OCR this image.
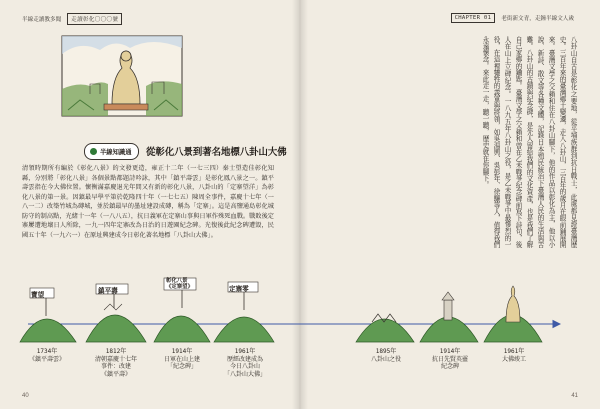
半線走讀教多聞	走讀彰化〇〇〇號
半線知識通 從彰化八景到著名地標八卦山大佛
清領時期所有編於《彰化八景》的文發更造，雍正十二年（一七三四）秦士望造佳彰化知縣，分別將「彰化八景」各個景點都題詩吟詠，其中「鎮平壽雲」是彰化鳳八景之一。鎮平壽雲指在今大佛位置。懷衡滿嘉慶退光年間又有新的彰化八景，八卦山的「定寨望洋」為彰化八景的第一景。因鎮最早學平第於乾隆四十年（一七七五）陳周全事件，嘉慶十七年（一八一二）改築竹城為磚城，並於鎮最早的墨址建設成磚，稱為「定寨」。這是高鹽通島彰化城防守的制高點，光緒十一年（一八八五），抗日義軍在定寨山事與日軍作殊死血戰。戰敗後定寨屢遭地壞日人所除，一九一四年定寨改為日治的日遊園紀念碑。光復後此紀念碑遭毀，民國五十年（一九六一）在原址興建成今日彰化著名地標「八卦山大佛」。
40
CHAPTER 01	老街新文青，走鐘半線文人歲
八卦山自古是彰化之要地，從平埔族群到抗日戰士，此處都見證臺灣歷史。三百年來的臺灣鄉土變遷，走入八卦山，三百年的歲月在眼前鋪展開來。臺灣文學之父賴和住在八卦山腳下，他的作品以彰化為主，他以小說、新詩、散文等各種文體，記錄日本殖民統治下臺灣人民的生活與苦難。八卦山的古蹟與紀念碑，是先人留給我們的文化資產，也是我們了解自己家鄉的鑰匙。臺灣文學之父賴和曾在乙未戰爭紀念碑前寫下詩句，後人在山上立碑紀念。一八九五年八卦山之役，是乙未戰爭中最慘烈的一役，在這裡犧牲的義軍與將領，如吳湯興、吳彭年、徐驤等人，值得我們永遠懷念。來此走一走，聽一聽，歷史就在你腳下。
41
寶望	鎮平壽
彰化八景
《定寨望》	定寨零
1734年
《鎮平壽雲》
1812年
清朝嘉慶十七年
事件：改建
《鎮平壽》
1914年
日軍在山上建
「紀念碑」
1961年
歷經改建成為
今日八卦山
「八卦山大佛」
1895年
八卦山之役
1914年
抗日先賢英靈
紀念碑
1961年
大佛竣工
